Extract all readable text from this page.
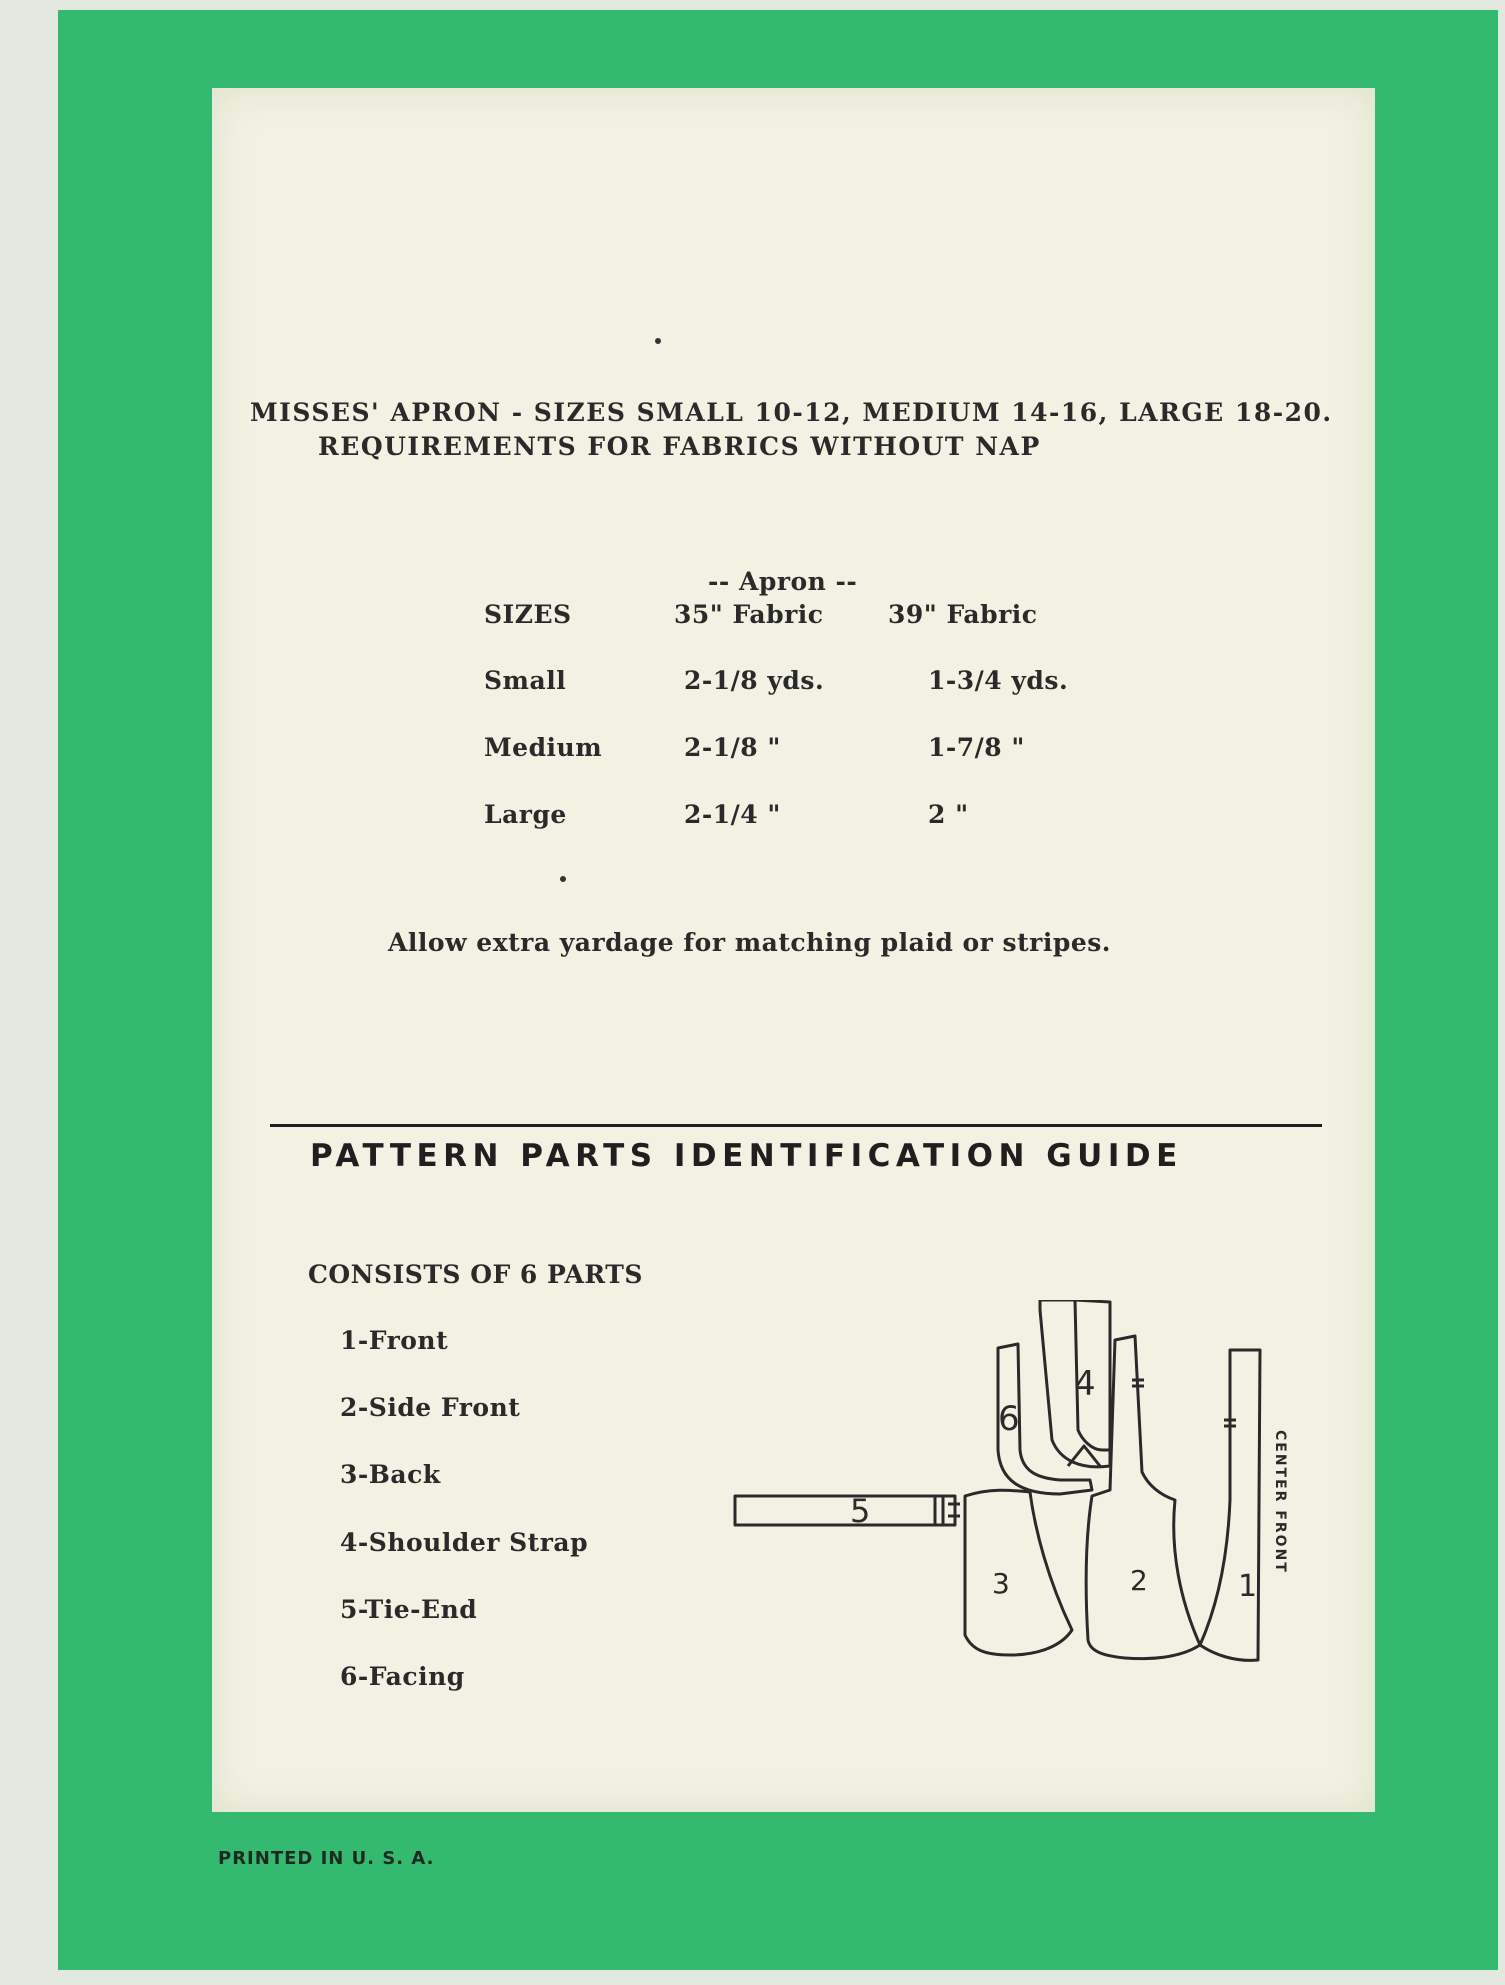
MISSES' APRON - SIZES SMALL 10-12, MEDIUM 14-16, LARGE 18-20.
REQUIREMENTS FOR FABRICS WITHOUT NAP
-- Apron --
SIZES	35" Fabric	39" Fabric
Small	2-1/8 yds.	1-3/4 yds.
Medium	2-1/8 "	1-7/8 "
Large	2-1/4 "	2 "
Allow extra yardage for matching plaid or stripes.
PATTERN PARTS IDENTIFICATION GUIDE
CONSISTS OF 6 PARTS
1-Front
2-Side Front
3-Back
4-Shoulder Strap
5-Tie-End
6-Facing
4
6
5
3	2	1
CENTER FRONT
PRINTED IN U. S. A.
